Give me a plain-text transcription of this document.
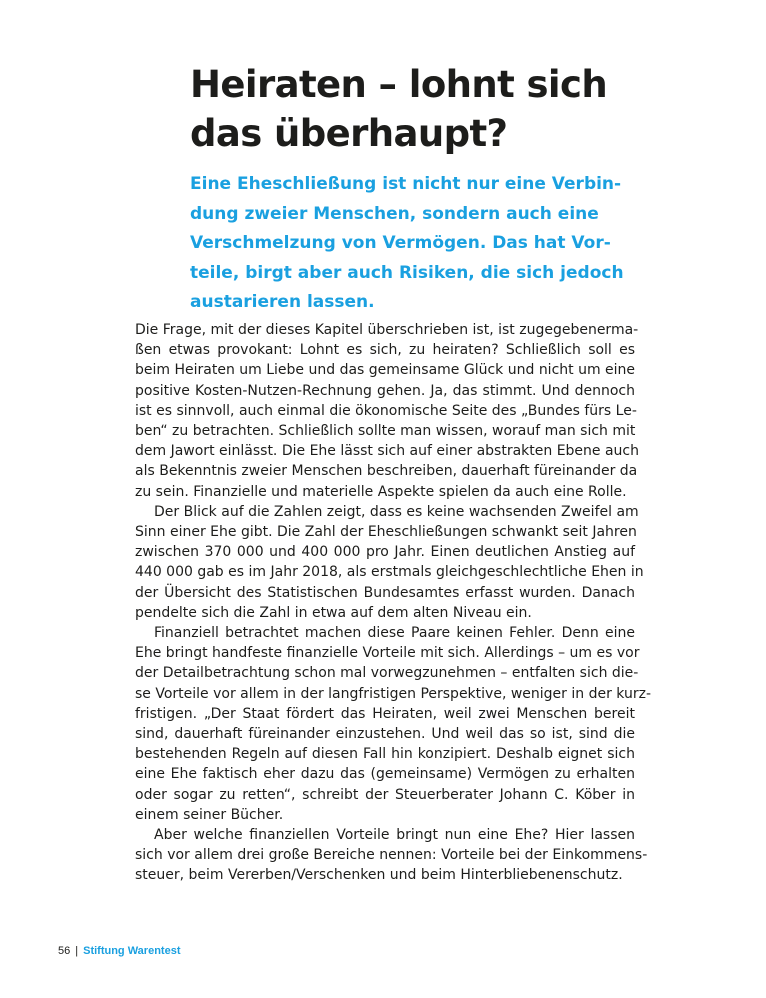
Heiraten – lohnt sich
das überhaupt?
Eine Eheschließung ist nicht nur eine Verbin-
dung zweier Menschen, sondern auch eine
Verschmelzung von Vermögen. Das hat Vor-
teile, birgt aber auch Risiken, die sich jedoch
austarieren lassen.
Die Frage, mit der dieses Kapitel überschrieben ist, ist zugegebenerma-
ßen etwas provokant: Lohnt es sich, zu heiraten? Schließlich soll es
beim Heiraten um Liebe und das gemeinsame Glück und nicht um eine
positive Kosten-Nutzen-Rechnung gehen. Ja, das stimmt. Und dennoch
ist es sinnvoll, auch einmal die ökonomische Seite des „Bundes fürs Le-
ben“ zu betrachten. Schließlich sollte man wissen, worauf man sich mit
dem Jawort einlässt. Die Ehe lässt sich auf einer abstrakten Ebene auch
als Bekenntnis zweier Menschen beschreiben, dauerhaft füreinander da
zu sein. Finanzielle und materielle Aspekte spielen da auch eine Rolle.
Der Blick auf die Zahlen zeigt, dass es keine wachsenden Zweifel am
Sinn einer Ehe gibt. Die Zahl der Eheschließungen schwankt seit Jahren
zwischen 370 000 und 400 000 pro Jahr. Einen deutlichen Anstieg auf
440 000 gab es im Jahr 2018, als erstmals gleichgeschlechtliche Ehen in
der Übersicht des Statistischen Bundesamtes erfasst wurden. Danach
pendelte sich die Zahl in etwa auf dem alten Niveau ein.
Finanziell betrachtet machen diese Paare keinen Fehler. Denn eine
Ehe bringt handfeste finanzielle Vorteile mit sich. Allerdings – um es vor
der Detailbetrachtung schon mal vorwegzunehmen – entfalten sich die-
se Vorteile vor allem in der langfristigen Perspektive, weniger in der kurz-
fristigen. „Der Staat fördert das Heiraten, weil zwei Menschen bereit
sind, dauerhaft füreinander einzustehen. Und weil das so ist, sind die
bestehenden Regeln auf diesen Fall hin konzipiert. Deshalb eignet sich
eine Ehe faktisch eher dazu das (gemeinsame) Vermögen zu erhalten
oder sogar zu retten“, schreibt der Steuerberater Johann C. Köber in
einem seiner Bücher.
Aber welche finanziellen Vorteile bringt nun eine Ehe? Hier lassen
sich vor allem drei große Bereiche nennen: Vorteile bei der Einkommens-
steuer, beim Vererben/Verschenken und beim Hinterbliebenenschutz.
56 | Stiftung Warentest
